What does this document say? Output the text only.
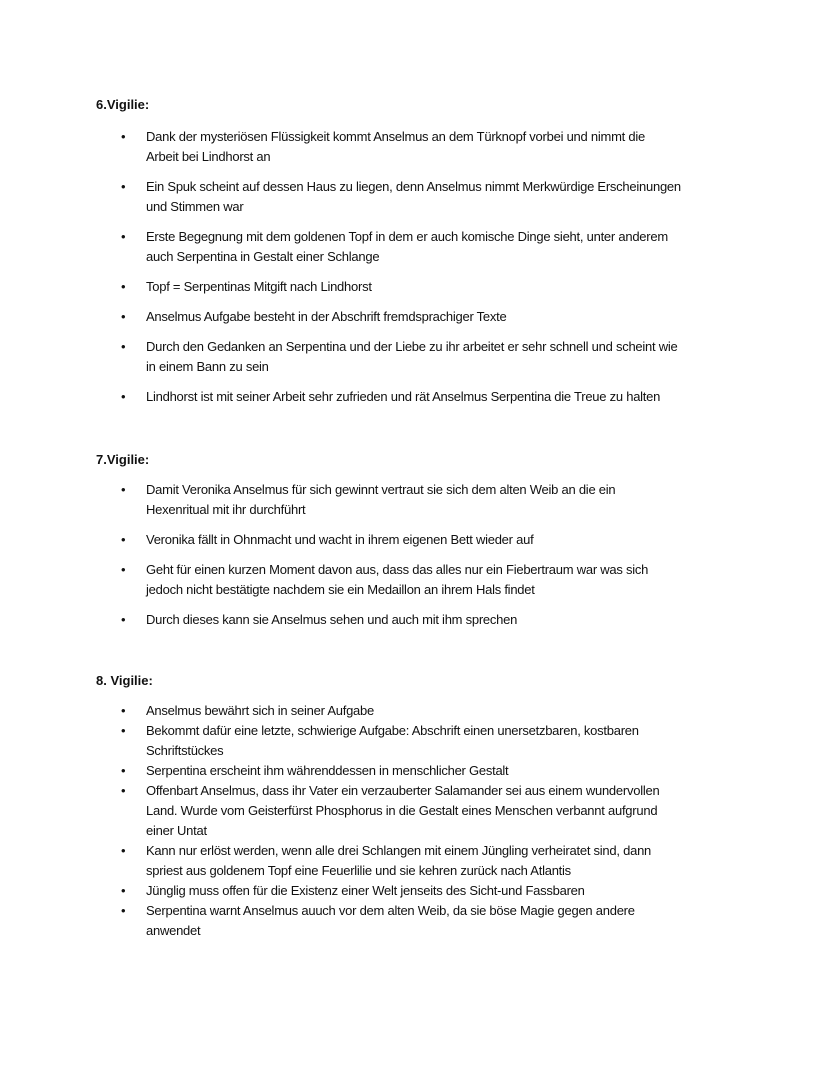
6.Vigilie:
• Dank der mysteriösen Flüssigkeit kommt Anselmus an dem Türknopf vorbei und nimmt die
Arbeit bei Lindhorst an
• Ein Spuk scheint auf dessen Haus zu liegen, denn Anselmus nimmt Merkwürdige Erscheinungen
und Stimmen war
• Erste Begegnung mit dem goldenen Topf in dem er auch komische Dinge sieht, unter anderem
auch Serpentina in Gestalt einer Schlange
• Topf = Serpentinas Mitgift nach Lindhorst
• Anselmus Aufgabe besteht in der Abschrift fremdsprachiger Texte
• Durch den Gedanken an Serpentina und der Liebe zu ihr arbeitet er sehr schnell und scheint wie
in einem Bann zu sein
• Lindhorst ist mit seiner Arbeit sehr zufrieden und rät Anselmus Serpentina die Treue zu halten
7.Vigilie:
• Damit Veronika Anselmus für sich gewinnt vertraut sie sich dem alten Weib an die ein
Hexenritual mit ihr durchführt
• Veronika fällt in Ohnmacht und wacht in ihrem eigenen Bett wieder auf
• Geht für einen kurzen Moment davon aus, dass das alles nur ein Fiebertraum war was sich
jedoch nicht bestätigte nachdem sie ein Medaillon an ihrem Hals findet
• Durch dieses kann sie Anselmus sehen und auch mit ihm sprechen
8. Vigilie:
• Anselmus bewährt sich in seiner Aufgabe
• Bekommt dafür eine letzte, schwierige Aufgabe: Abschrift einen unersetzbaren, kostbaren
Schriftstückes
• Serpentina erscheint ihm währenddessen in menschlicher Gestalt
• Offenbart Anselmus, dass ihr Vater ein verzauberter Salamander sei aus einem wundervollen
Land. Wurde vom Geisterfürst Phosphorus in die Gestalt eines Menschen verbannt aufgrund
einer Untat
• Kann nur erlöst werden, wenn alle drei Schlangen mit einem Jüngling verheiratet sind, dann
spriest aus goldenem Topf eine Feuerlilie und sie kehren zurück nach Atlantis
• Jünglig muss offen für die Existenz einer Welt jenseits des Sicht-und Fassbaren
• Serpentina warnt Anselmus auuch vor dem alten Weib, da sie böse Magie gegen andere
anwendet
